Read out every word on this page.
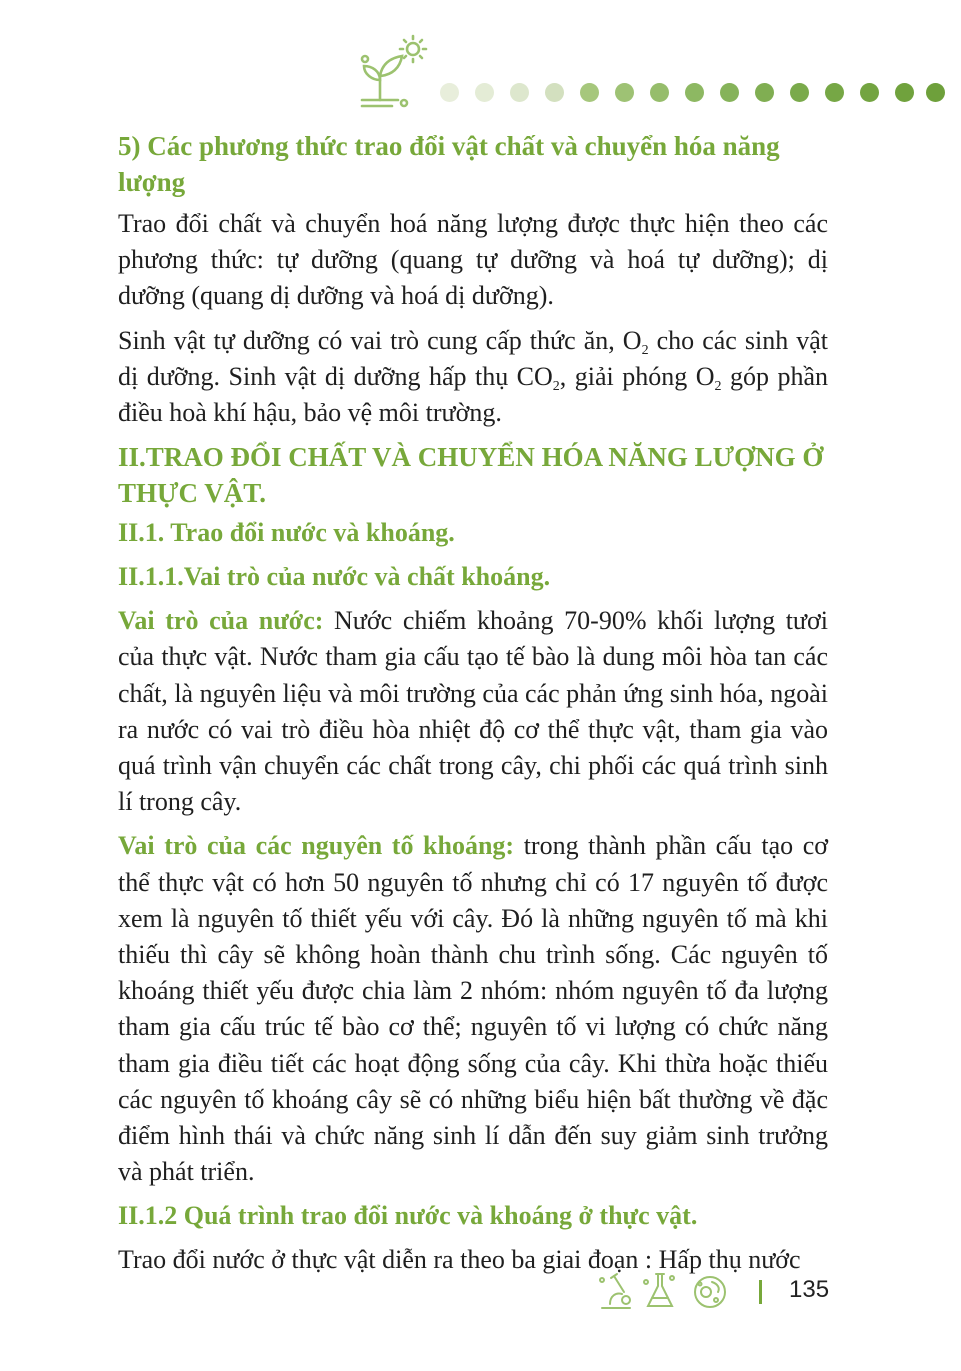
5) Các phương thức trao đổi vật chất và chuyển hóa năng lượng

Trao đổi chất và chuyển hoá năng lượng được thực hiện theo các phương thức: tự dưỡng (quang tự dưỡng và hoá tự dưỡng); dị dưỡng (quang dị dưỡng và hoá dị dưỡng).

Sinh vật tự dưỡng có vai trò cung cấp thức ăn, $O_2$ cho các sinh vật dị dưỡng. Sinh vật dị dưỡng hấp thụ $CO_2$, giải phóng $O_2$ góp phần điều hoà khí hậu, bảo vệ môi trường.

II.TRAO ĐỔI CHẤT VÀ CHUYỂN HÓA NĂNG LƯỢNG Ở THỰC VẬT.
II.1. Trao đổi nước và khoáng.
II.1.1.Vai trò của nước và chất khoáng.

Vai trò của nước: Nước chiếm khoảng 70-90% khối lượng tươi của thực vật. Nước tham gia cấu tạo tế bào là dung môi hòa tan các chất, là nguyên liệu và môi trường của các phản ứng sinh hóa, ngoài ra nước có vai trò điều hòa nhiệt độ cơ thể thực vật, tham gia vào quá trình vận chuyển các chất trong cây, chi phối các quá trình sinh lí trong cây.

Vai trò của các nguyên tố khoáng: trong thành phần cấu tạo cơ thể thực vật có hơn 50 nguyên tố nhưng chỉ có 17 nguyên tố được xem là nguyên tố thiết yếu với cây. Đó là những nguyên tố mà khi thiếu thì cây sẽ không hoàn thành chu trình sống. Các nguyên tố khoáng thiết yếu được chia làm 2 nhóm: nhóm nguyên tố đa lượng tham gia cấu trúc tế bào cơ thể; nguyên tố vi lượng có chức năng tham gia điều tiết các hoạt động sống của cây. Khi thừa hoặc thiếu các nguyên tố khoáng cây sẽ có những biểu hiện bất thường về đặc điểm hình thái và chức năng sinh lí dẫn đến suy giảm sinh trưởng và phát triển.

II.1.2 Quá trình trao đổi nước và khoáng ở thực vật.

Trao đổi nước ở thực vật diễn ra theo ba giai đoạn : Hấp thụ nước

135
